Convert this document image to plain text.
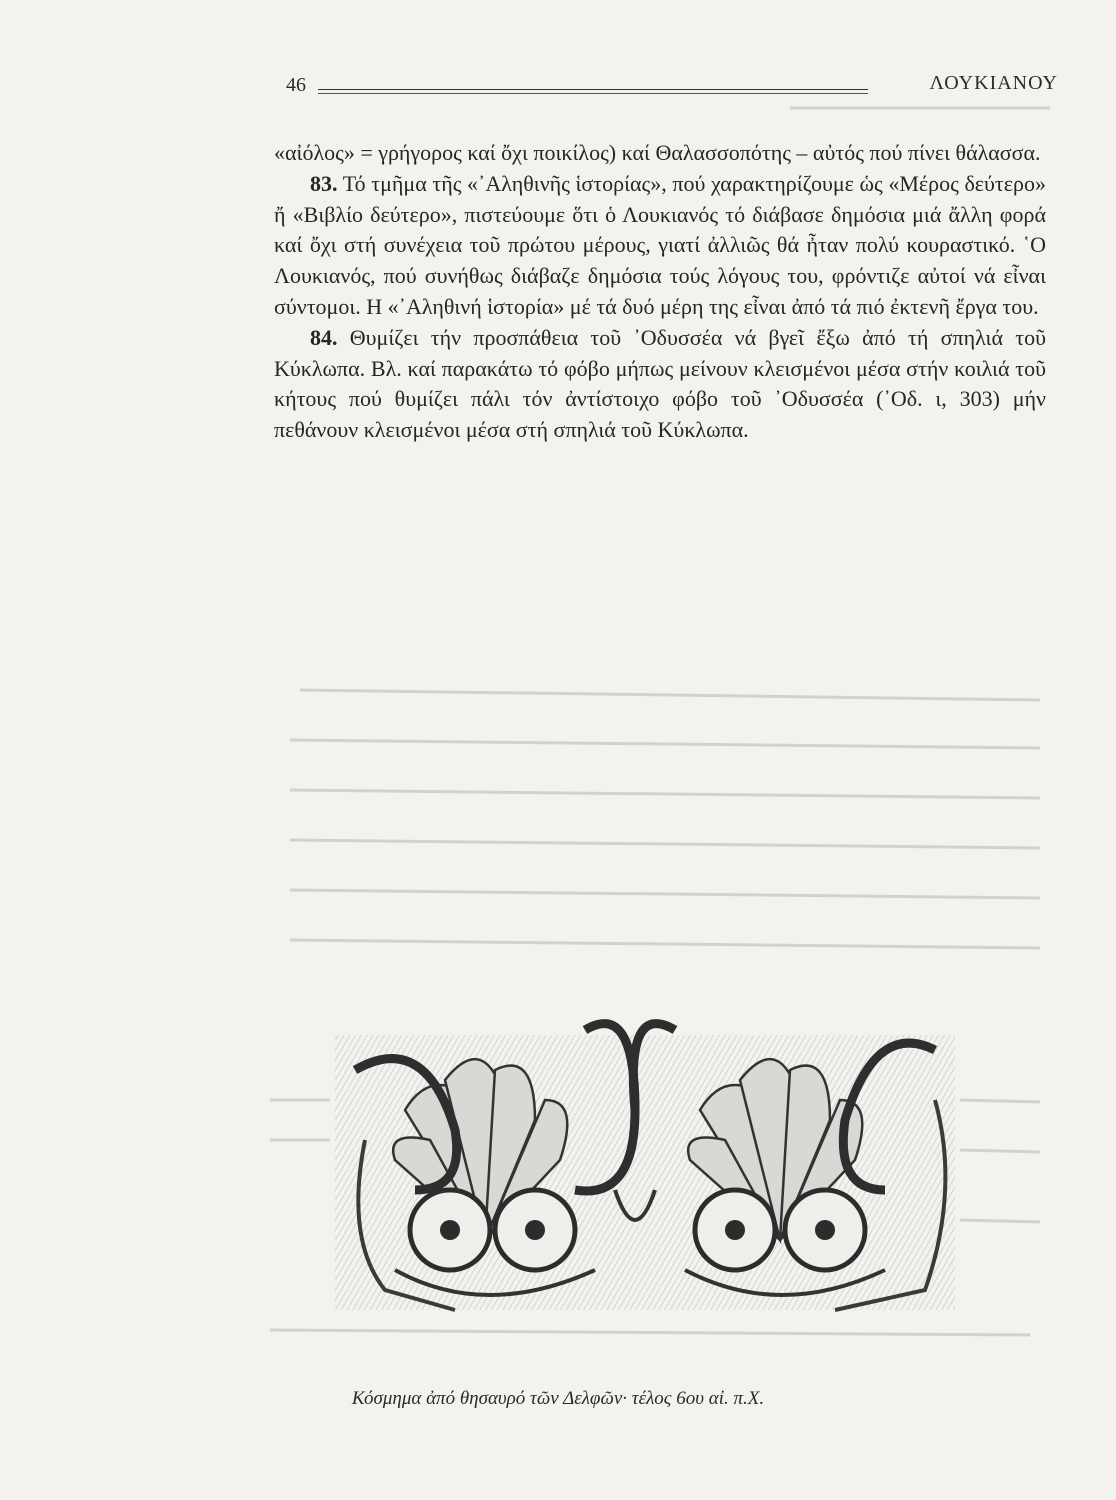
46	ΛΟΥΚΙΑΝΟΥ

«αἰόλος» = γρήγορος καί ὄχι ποικίλος) καί Θαλασσοπότης – αὐτός πού πίνει θάλασσα.

83. Τό τμῆμα τῆς «᾿Αληθινῆς ἱστορίας», πού χαρακτηρίζουμε ὡς «Μέρος δεύτερο» ἤ «Βιβλίο δεύτερο», πιστεύουμε ὅτι ὁ Λουκιανός τό διάβασε δημόσια μιά ἄλλη φορά καί ὄχι στή συνέχεια τοῦ πρώτου μέρους, γιατί ἀλλιῶς θά ἦταν πολύ κουραστικό. ῾Ο Λουκιανός, πού συνήθως διάβαζε δημόσια τούς λόγους του, φρόντιζε αὐτοί νά εἶναι σύντομοι. Η «᾿Αληθινή ἱστορία» μέ τά δυό μέρη της εἶναι ἀπό τά πιό ἐκτενῆ ἔργα του.

84. Θυμίζει τήν προσπάθεια τοῦ ᾿Οδυσσέα νά βγεῖ ἔξω ἀπό τή σπηλιά τοῦ Κύκλωπα. Βλ. καί παρακάτω τό φόβο μήπως μείνουν κλεισμένοι μέσα στήν κοιλιά τοῦ κήτους πού θυμίζει πάλι τόν ἀντίστοιχο φόβο τοῦ ᾿Οδυσσέα (᾿Οδ. ι, 303) μήν πεθάνουν κλεισμένοι μέσα στή σπηλιά τοῦ Κύκλωπα.

Κόσμημα ἀπό θησαυρό τῶν Δελφῶν· τέλος 6ου αἰ. π.Χ.
